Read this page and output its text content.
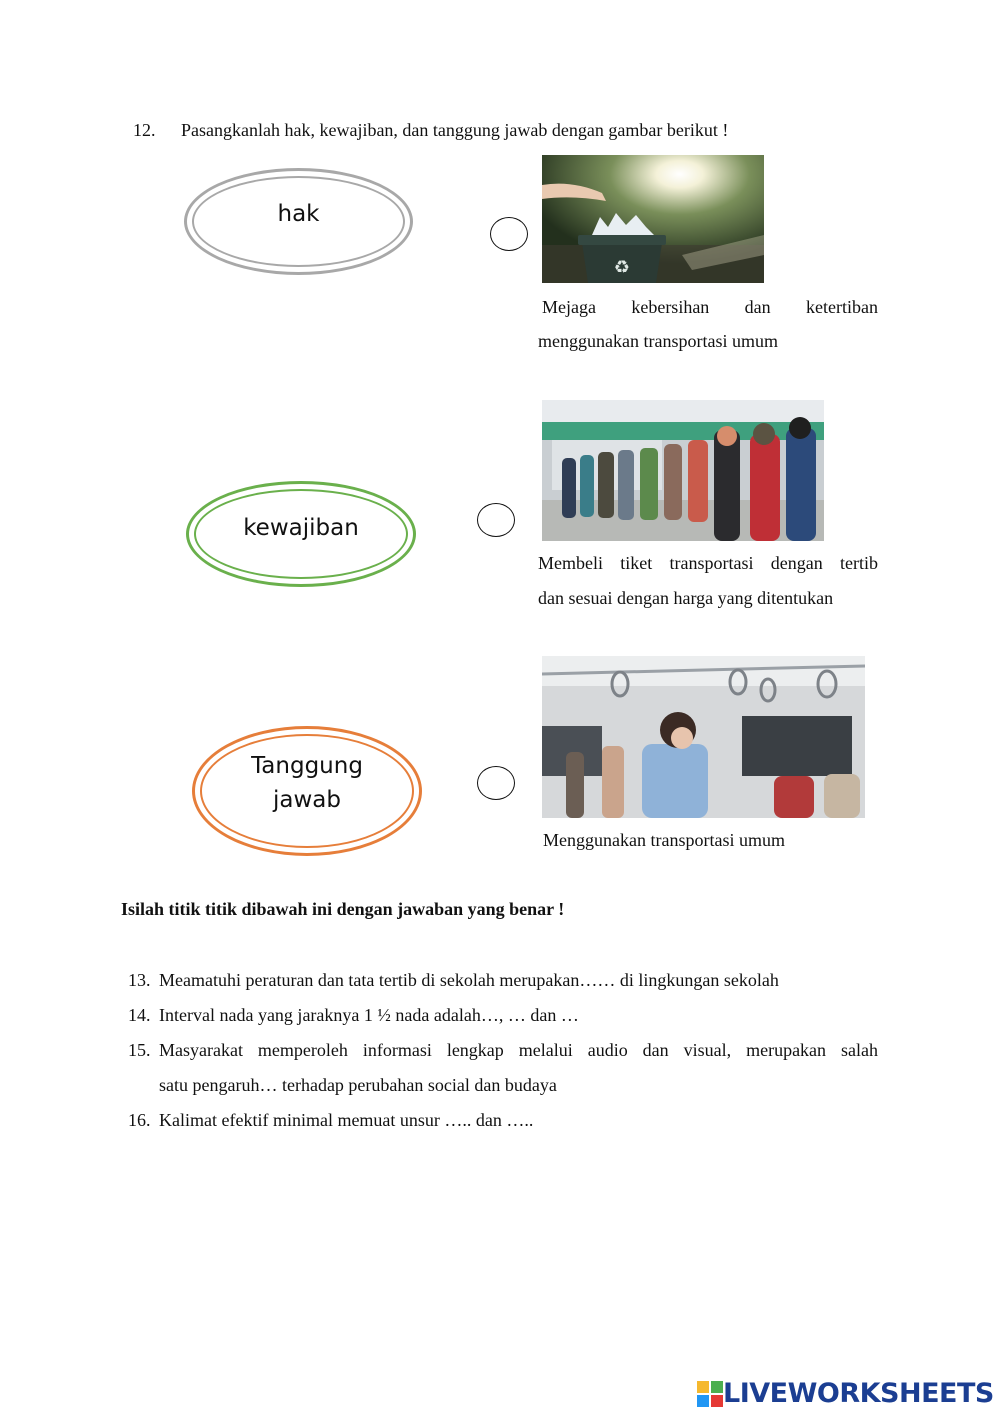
12. Pasangkanlah hak, kewajiban, dan tanggung jawab dengan gambar berikut !
hak
kewajiban
Tanggung
jawab
♻
Mejaga kebersihan dan ketertiban
menggunakan transportasi umum
Membeli tiket transportasi dengan tertib
dan sesuai dengan harga yang ditentukan
Menggunakan transportasi umum
Isilah titik titik dibawah ini dengan jawaban yang benar !
13. Meamatuhi peraturan dan tata tertib di sekolah merupakan…… di lingkungan sekolah
14. Interval nada yang jaraknya 1 ½ nada adalah…, … dan …
15. Masyarakat memperoleh informasi lengkap melalui audio dan visual, merupakan salah
satu pengaruh… terhadap perubahan social dan budaya
16. Kalimat efektif minimal memuat unsur ….. dan …..
LIVEWORKSHEETS
